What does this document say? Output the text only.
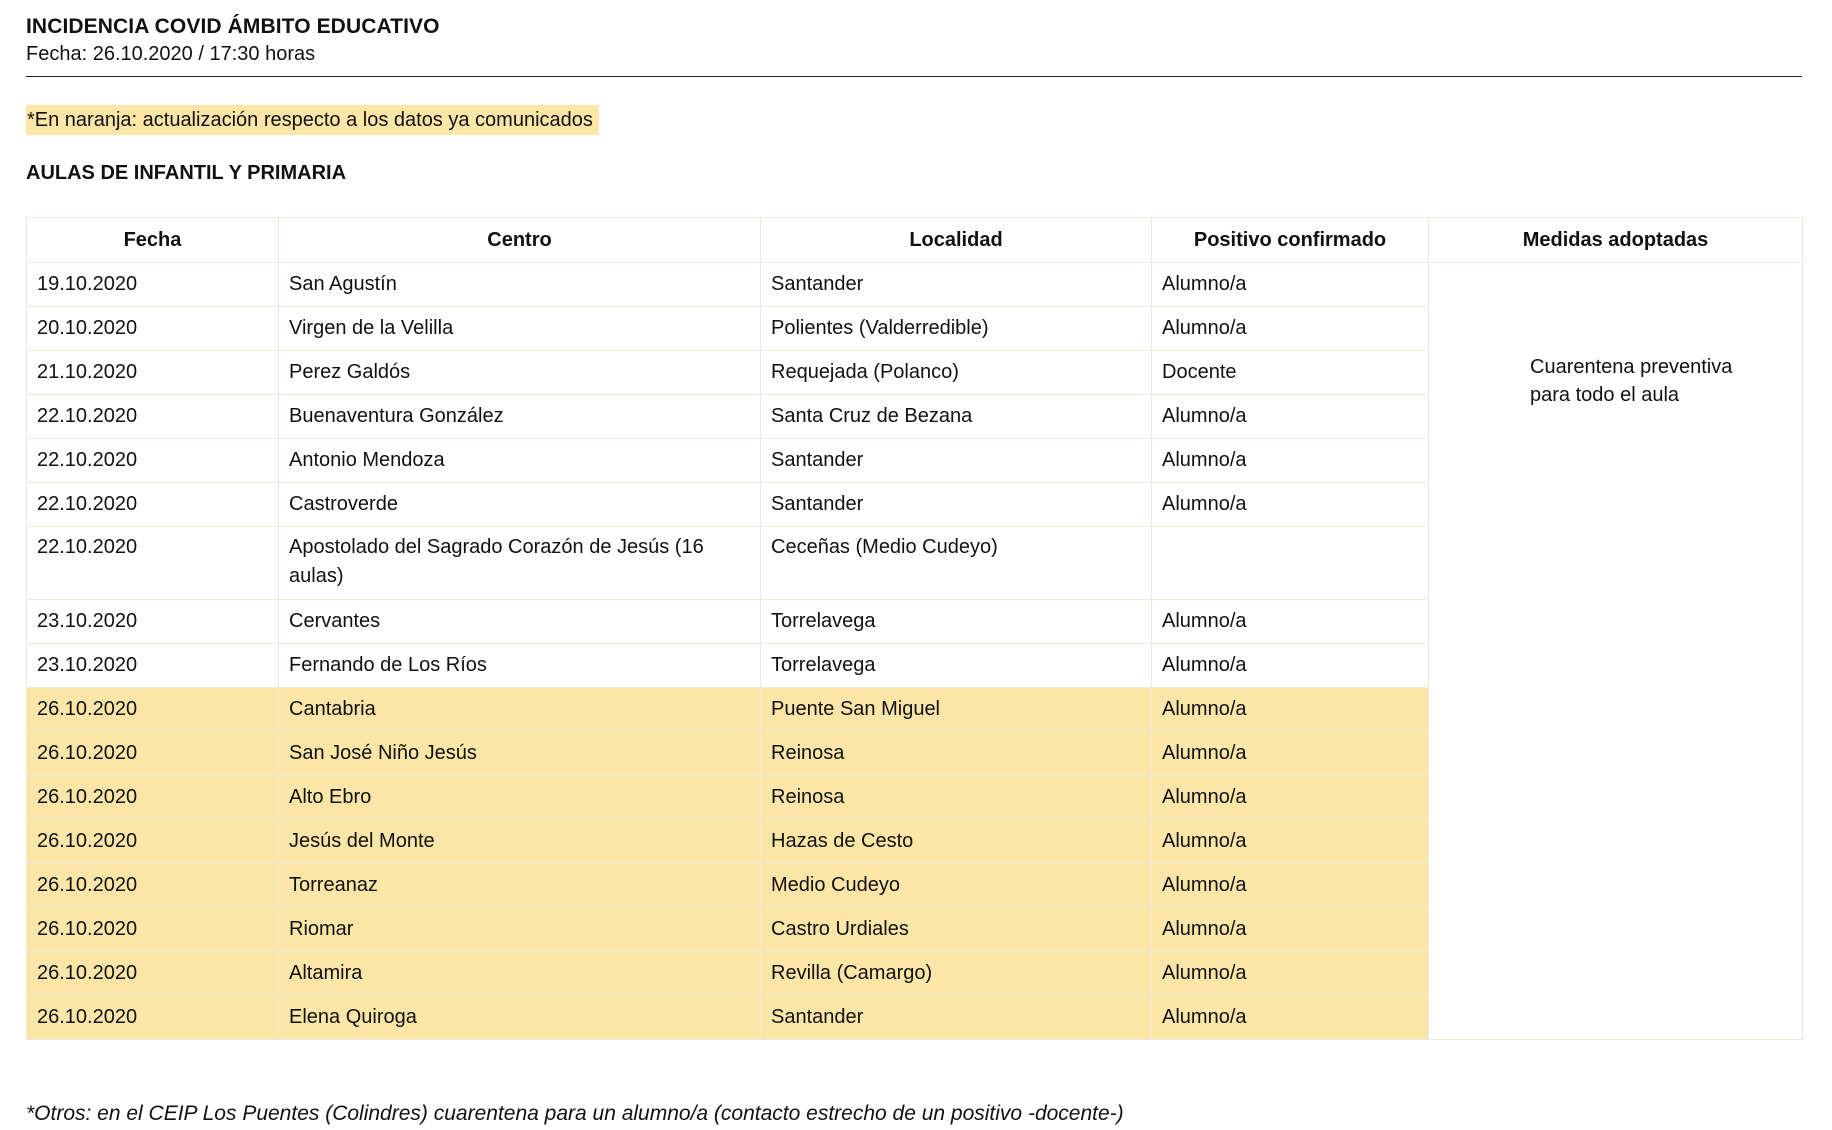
INCIDENCIA COVID ÁMBITO EDUCATIVO
Fecha: 26.10.2020 / 17:30 horas
*En naranja: actualización respecto a los datos ya comunicados
AULAS DE INFANTIL Y PRIMARIA
Fecha	Centro	Localidad	Positivo confirmado	Medidas adoptadas
19.10.2020	San Agustín	Santander	Alumno/a	Cuarentena preventiva para todo el aula

20.10.2020	Virgen de la Velilla	Polientes (Valderredible)	Alumno/a	
21.10.2020	Perez Galdós	Requejada (Polanco)	Docente	
22.10.2020	Buenaventura González	Santa Cruz de Bezana	Alumno/a	
22.10.2020	Antonio Mendoza	Santander	Alumno/a	
22.10.2020	Castroverde	Santander	Alumno/a	
22.10.2020	Apostolado del Sagrado Corazón de Jesús (16 aulas)	Ceceñas (Medio Cudeyo)		
23.10.2020	Cervantes	Torrelavega	Alumno/a	
23.10.2020	Fernando de Los Ríos	Torrelavega	Alumno/a	
26.10.2020	Cantabria	Puente San Miguel	Alumno/a	
26.10.2020	San José Niño Jesús	Reinosa	Alumno/a	
26.10.2020	Alto Ebro	Reinosa	Alumno/a	
26.10.2020	Jesús del Monte	Hazas de Cesto	Alumno/a	
26.10.2020	Torreanaz	Medio Cudeyo	Alumno/a	
26.10.2020	Riomar	Castro Urdiales	Alumno/a	
26.10.2020	Altamira	Revilla (Camargo)	Alumno/a	
26.10.2020	Elena Quiroga	Santander	Alumno/a	
*Otros: en el CEIP Los Puentes (Colindres) cuarentena para un alumno/a (contacto estrecho de un positivo -docente-)
